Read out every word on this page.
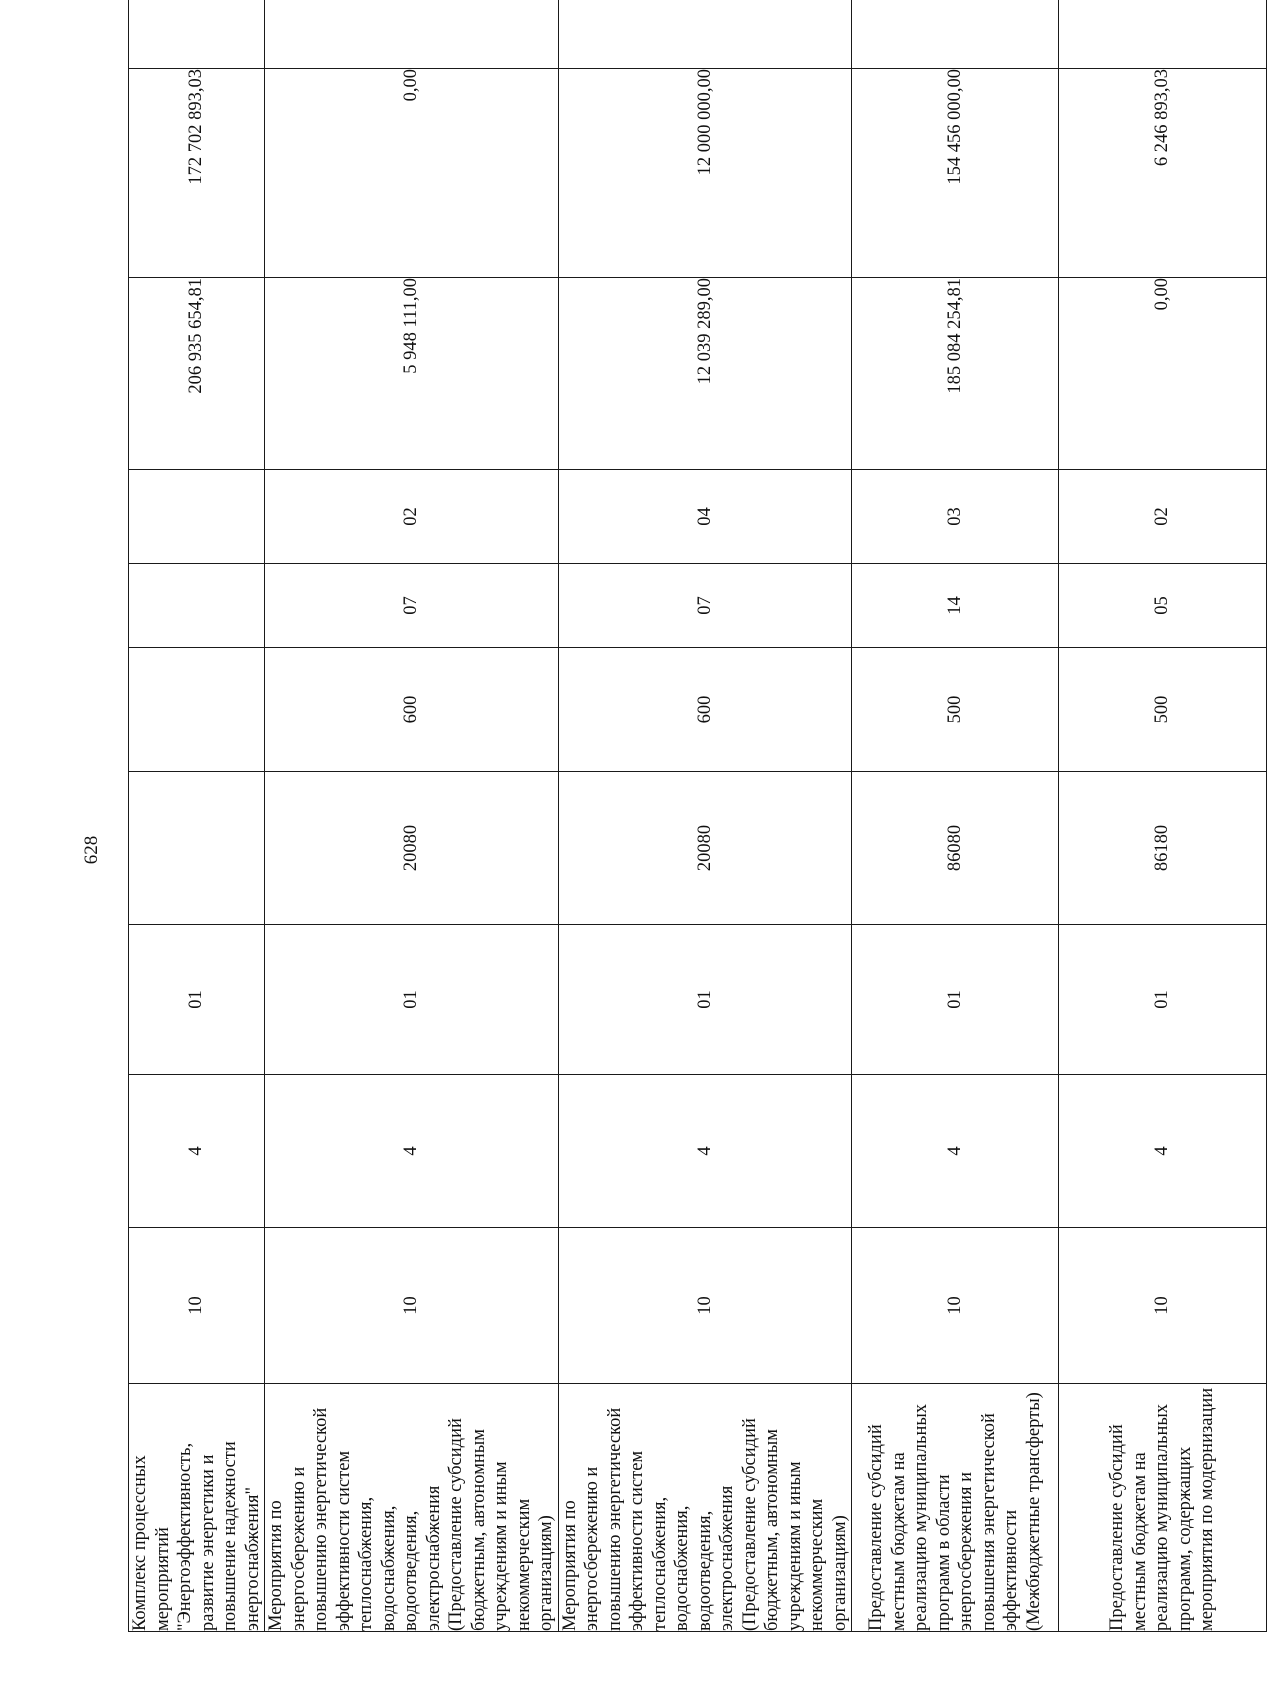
628
Комплекс процессных мероприятий "Энергоэффективность, развитие энергетики и повышение надежности энергоснабжения"	10	4	01					206 935 654,81	172 702 893,03	
Мероприятия по энергосбережению и повышению энергетической эффективности систем теплоснабжения, водоснабжения, водоотведения, электроснабжения (Предоставление субсидий бюджетным, автономным учреждениям и иным некоммерческим организациям)	10	4	01	20080	600	07	02	5 948 111,00	0,00	
Мероприятия по энергосбережению и повышению энергетической эффективности систем теплоснабжения, водоснабжения, водоотведения, электроснабжения (Предоставление субсидий бюджетным, автономным учреждениям и иным некоммерческим организациям)	10	4	01	20080	600	07	04	12 039 289,00	12 000 000,00	
Предоставление субсидий местным бюджетам на реализацию муниципальных программ в области энергосбережения и повышения энергетической эффективности (Межбюджетные трансферты)	10	4	01	86080	500	14	03	185 084 254,81	154 456 000,00	
Предоставление субсидий местным бюджетам на реализацию муниципальных программ, содержащих мероприятия по модернизации	10	4	01	86180	500	05	02	0,00	6 246 893,03	
